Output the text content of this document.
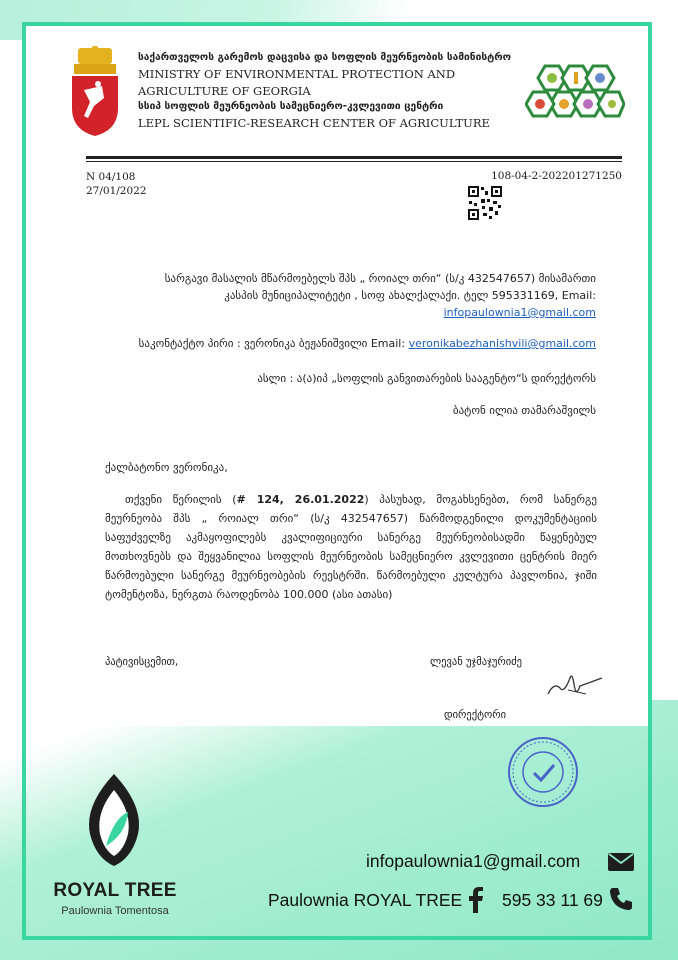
საქართველოს გარემოს დაცვისა და სოფლის მეურნეობის სამინისტრო
MINISTRY OF ENVIRONMENTAL PROTECTION AND
AGRICULTURE OF GEORGIA
სსიპ სოფლის მეურნეობის სამეცნიერო-კვლევითი ცენტრი
LEPL SCIENTIFIC-RESEARCH CENTER OF AGRICULTURE
N 04/108
27/01/2022
108-04-2-202201271250
სარგავი მასალის მწარმოებელს შპს „ როიალ თრი“ (ს/კ 432547657) მისამართი
კასპის მუნიციპალიტეტი , სოფ ახალქალაქი. ტელ 595331169, Email:
infopaulownia1@gmail.com
საკონტაქტო პირი : ვერონიკა ბეჟანიშვილი Email: veronikabezhanishvili@gmail.com
ასლი : ა(ა)იპ „სოფლის განვითარების სააგენტო“ს დირექტორს
ბატონ ილია თამარაშვილს
ქალბატონო ვერონიკა,
თქვენი წერილის (# 124, 26.01.2022) პასუხად, მოგახსენებთ, რომ სანერგე მეურნეობა შპს „ როიალ თრი“ (ს/კ 432547657) წარმოდგენილი დოკუმენტაციის საფუძველზე აკმაყოფილებს კვალიფიციური სანერგე მეურნეობისადმი წაყენებულ მოთხოვნებს და შეყვანილია სოფლის მეურნეობის სამეცნიერო კვლევითი ცენტრის მიერ წარმოებული სანერგე მეურნეობების რეესტრში. წარმოებული კულტურა პავლონია, ჯიში ტომენტოზა, ნერგთა რაოდენობა 100.000 (ასი ათასი)
პატივისცემით,	ლევან უჯმაჯურიძე
დირექტორი
ROYAL TREE
Paulownia Tomentosa
infopaulownia1@gmail.com
Paulownia ROYAL TREE 595 33 11 69
